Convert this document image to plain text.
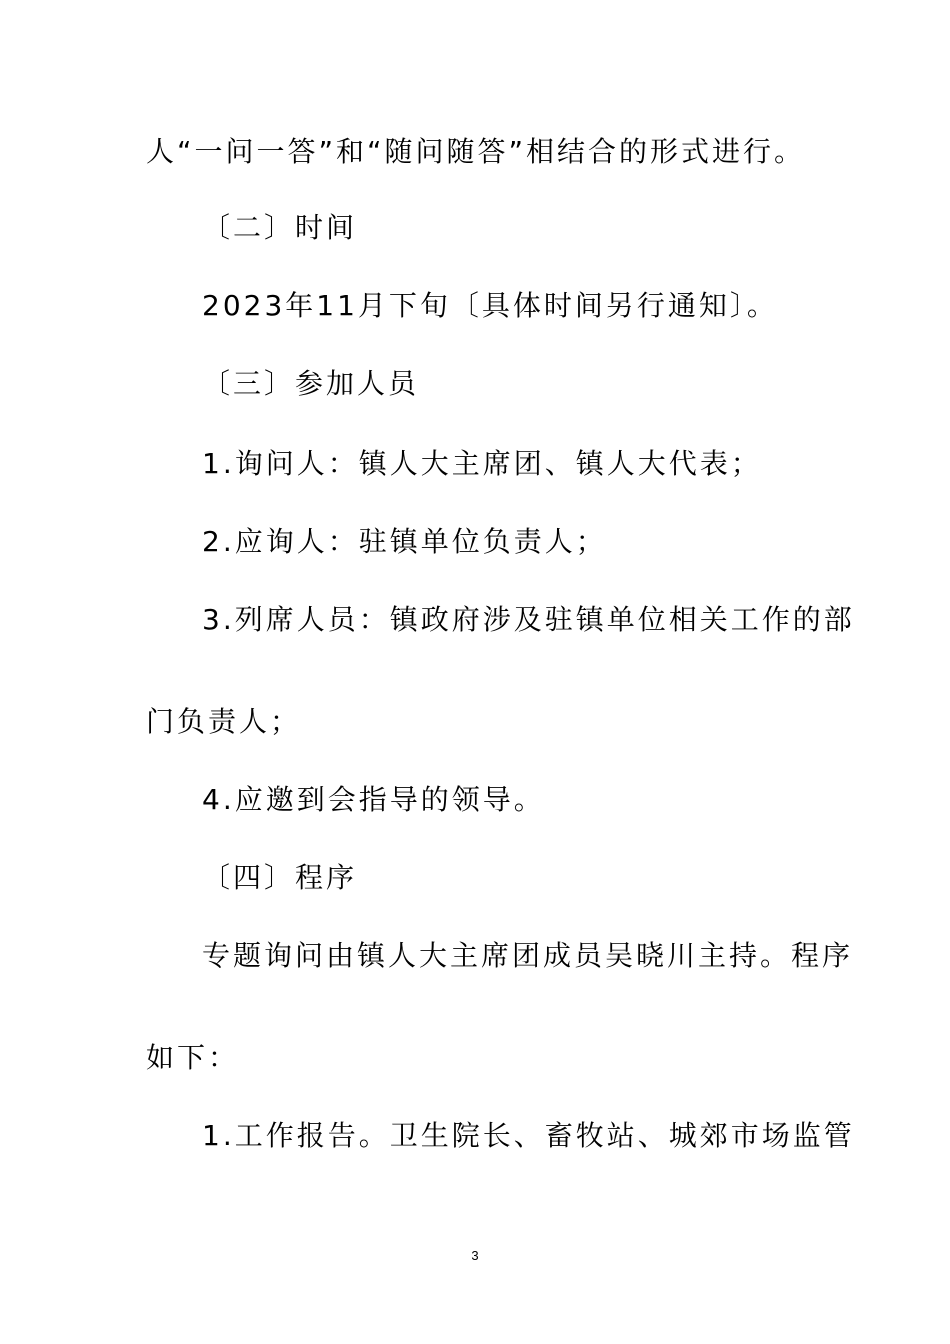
人“一问一答”和“随问随答”相结合的形式进行。
〔二〕时间
2023年11月下旬〔具体时间另行通知〕。
〔三〕参加人员
1.询问人：镇人大主席团、镇人大代表；
2.应询人：驻镇单位负责人；
3.列席人员：镇政府涉及驻镇单位相关工作的部
门负责人；
4.应邀到会指导的领导。
〔四〕程序
专题询问由镇人大主席团成员吴晓川主持。程序
如下：
1.工作报告。卫生院长、畜牧站、城郊市场监管
3
